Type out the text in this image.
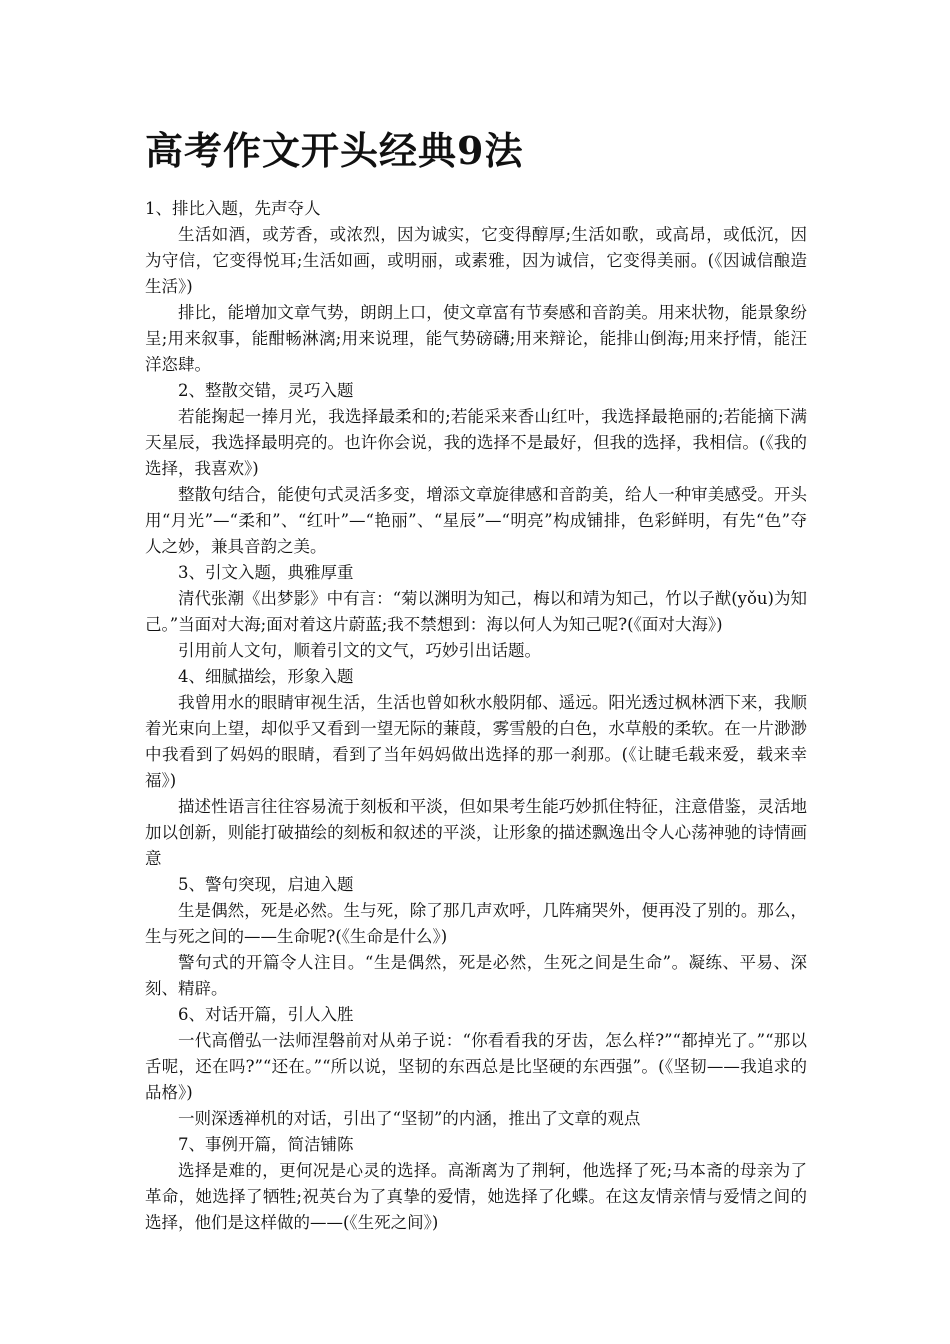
高考作文开头经典9法

1、排比入题，先声夺人

生活如酒，或芳香，或浓烈，因为诚实，它变得醇厚;生活如歌，或高昂，或低沉，因为守信，它变得悦耳;生活如画，或明丽，或素雅，因为诚信，它变得美丽。(《因诚信酿造生活》)

排比，能增加文章气势，朗朗上口，使文章富有节奏感和音韵美。用来状物，能景象纷呈;用来叙事，能酣畅淋漓;用来说理，能气势磅礴;用来辩论，能排山倒海;用来抒情，能汪洋恣肆。

2、整散交错，灵巧入题

若能掬起一捧月光，我选择最柔和的;若能采来香山红叶，我选择最艳丽的;若能摘下满天星辰，我选择最明亮的。也许你会说，我的选择不是最好，但我的选择，我相信。(《我的选择，我喜欢》)

整散句结合，能使句式灵活多变，增添文章旋律感和音韵美，给人一种审美感受。开头用“月光”—“柔和”、“红叶”—“艳丽”、“星辰”—“明亮”构成铺排，色彩鲜明，有先“色”夺人之妙，兼具音韵之美。

3、引文入题，典雅厚重

清代张潮《出梦影》中有言：“菊以渊明为知己，梅以和靖为知己，竹以子猷(yǒu)为知己。”当面对大海;面对着这片蔚蓝;我不禁想到：海以何人为知己呢?(《面对大海》)

引用前人文句，顺着引文的文气，巧妙引出话题。

4、细腻描绘，形象入题

我曾用水的眼睛审视生活，生活也曾如秋水般阴郁、遥远。阳光透过枫林洒下来，我顺着光束向上望，却似乎又看到一望无际的蒹葭，雾雪般的白色，水草般的柔软。在一片渺渺中我看到了妈妈的眼睛，看到了当年妈妈做出选择的那一刹那。(《让睫毛载来爱，载来幸福》)

描述性语言往往容易流于刻板和平淡，但如果考生能巧妙抓住特征，注意借鉴，灵活地加以创新，则能打破描绘的刻板和叙述的平淡，让形象的描述飘逸出令人心荡神驰的诗情画意

5、警句突现，启迪入题

生是偶然，死是必然。生与死，除了那几声欢呼，几阵痛哭外，便再没了别的。那么，生与死之间的——生命呢?(《生命是什么》)

警句式的开篇令人注目。“生是偶然，死是必然，生死之间是生命”。凝练、平易、深刻、精辟。

6、对话开篇，引人入胜

一代高僧弘一法师涅磐前对从弟子说：“你看看我的牙齿，怎么样?”“都掉光了。”“那以舌呢，还在吗?”“还在。”“所以说，坚韧的东西总是比坚硬的东西强”。(《坚韧——我追求的品格》)

一则深透禅机的对话，引出了“坚韧”的内涵，推出了文章的观点

7、事例开篇，简洁铺陈

选择是难的，更何况是心灵的选择。高渐离为了荆轲，他选择了死;马本斋的母亲为了革命，她选择了牺牲;祝英台为了真挚的爱情，她选择了化蝶。在这友情亲情与爱情之间的选择，他们是这样做的——(《生死之间》)
